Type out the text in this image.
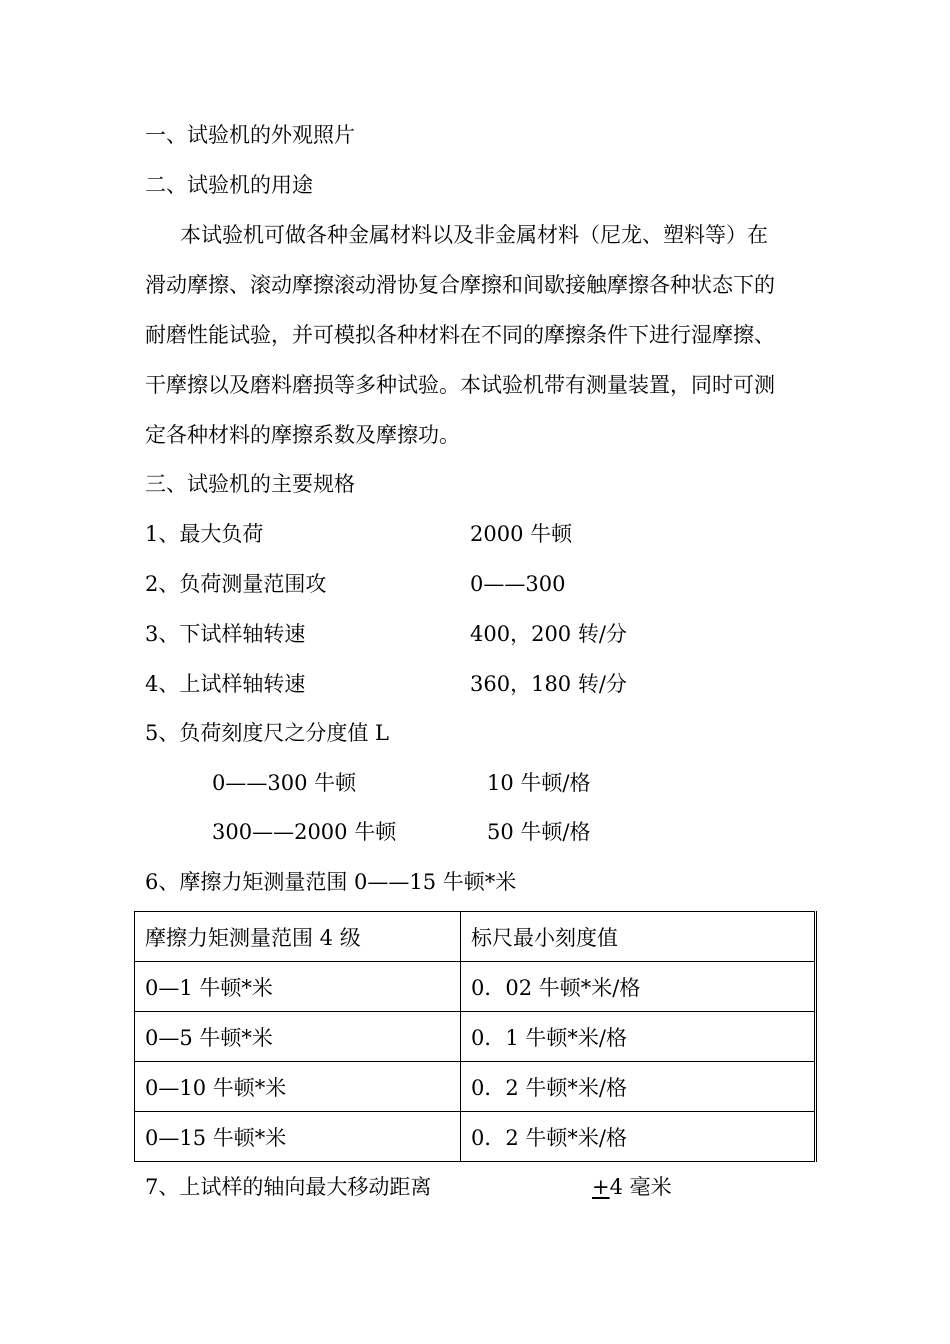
一、试验机的外观照片
二、试验机的用途
本试验机可做各种金属材料以及非金属材料（尼龙、塑料等）在
滑动摩擦、滚动摩擦滚动滑协复合摩擦和间歇接触摩擦各种状态下的
耐磨性能试验，并可模拟各种材料在不同的摩擦条件下进行湿摩擦、
干摩擦以及磨料磨损等多种试验。本试验机带有测量装置，同时可测
定各种材料的摩擦系数及摩擦功。
三、试验机的主要规格
1、最大负荷	2000 牛顿
2、负荷测量范围攻	0——300
3、下试样轴转速	400，200 转/分
4、上试样轴转速	360，180 转/分
5、负荷刻度尺之分度值 L
0——300 牛顿	10 牛顿/格
300——2000 牛顿	50 牛顿/格
6、摩擦力矩测量范围 0——15 牛顿*米
摩擦力矩测量范围 4 级	标尺最小刻度值
0—1 牛顿*米	0．02 牛顿*米/格
0—5 牛顿*米	0．1 牛顿*米/格
0—10 牛顿*米	0．2 牛顿*米/格
0—15 牛顿*米	0．2 牛顿*米/格
7、上试样的轴向最大移动距离	+4 毫米
